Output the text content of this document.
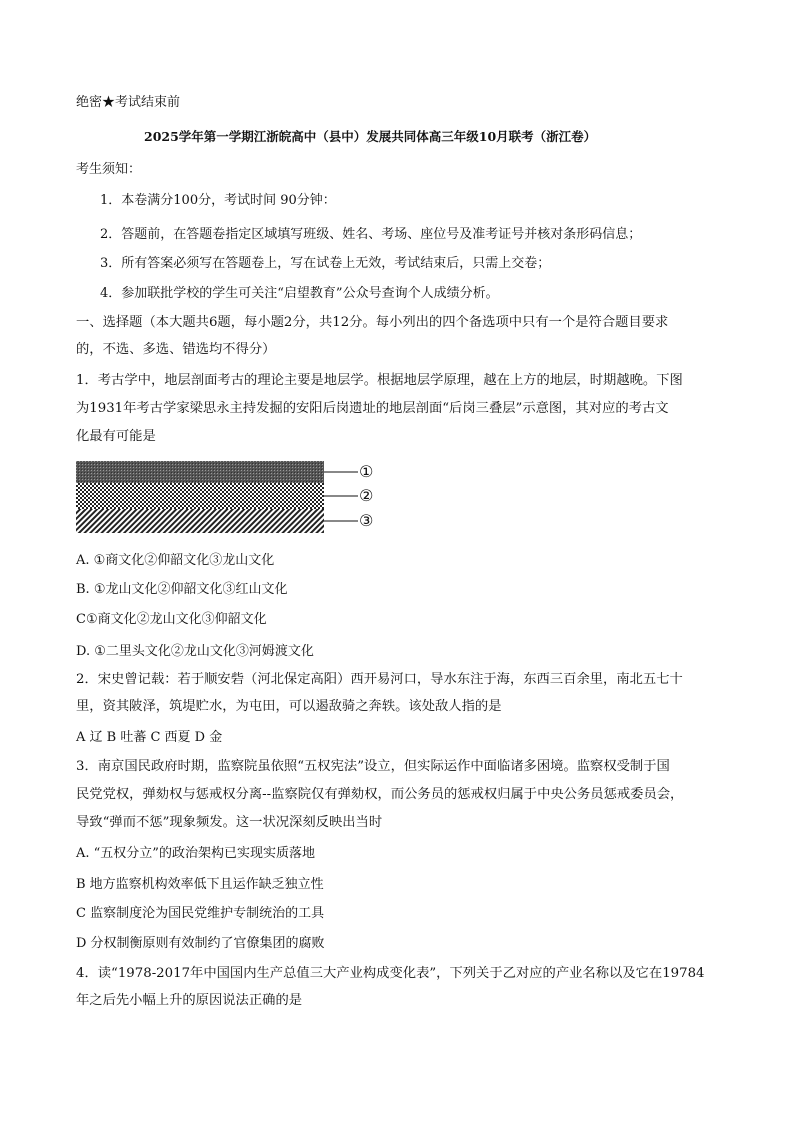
绝密★考试结束前
2025学年第一学期江浙皖高中（县中）发展共同体高三年级10月联考（浙江卷）
考生须知：
1．本卷满分100分，考试时间 90分钟：
2．答题前，在答题卷指定区域填写班级、姓名、考场、座位号及准考证号并核对条形码信息；
3．所有答案必须写在答题卷上，写在试卷上无效，考试结束后，只需上交卷；
4．参加联批学校的学生可关注“启望教育”公众号查询个人成绩分析。
一、选择题（本大题共6题，每小题2分，共12分。每小列出的四个备选项中只有一个是符合题目要求
的，不选、多选、错选均不得分）
1．考古学中，地层剖面考古的理论主要是地层学。根据地层学原理，越在上方的地层，时期越晚。下图
为1931年考古学家梁思永主持发掘的安阳后岗遗址的地层剖面“后岗三叠层”示意图，其对应的考古文
化最有可能是
①
②
③
A. ①商文化②仰韶文化③龙山文化
B. ①龙山文化②仰韶文化③红山文化
C①商文化②龙山文化③仰韶文化
D. ①二里头文化②龙山文化③河姆渡文化
2．宋史曾记载：若于顺安砦（河北保定高阳）西开易河口，导水东注于海，东西三百余里，南北五七十
里，资其陂泽，筑堤贮水，为屯田，可以遏敌骑之奔轶。该处敌人指的是
A 辽 B 吐蕃 C 西夏 D 金
3．南京国民政府时期，监察院虽依照“五权宪法”设立，但实际运作中面临诸多困境。监察权受制于国
民党党权，弹劾权与惩戒权分离--监察院仅有弹劾权，而公务员的惩戒权归属于中央公务员惩戒委员会，
导致“弹而不惩”现象频发。这一状况深刻反映出当时
A. “五权分立”的政治架构已实现实质落地
B 地方监察机构效率低下且运作缺乏独立性
C 监察制度沦为国民党维护专制统治的工具
D 分权制衡原则有效制约了官僚集团的腐败
4．读“1978-2017年中国国内生产总值三大产业构成变化表”，下列关于乙对应的产业名称以及它在19784
年之后先小幅上升的原因说法正确的是
